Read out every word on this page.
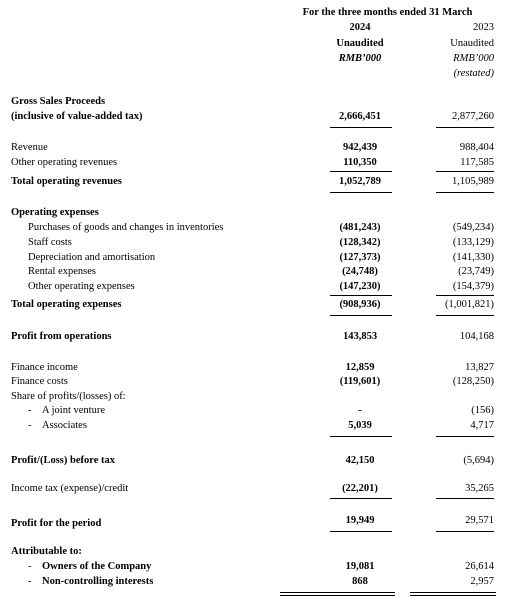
For the three months ended 31 March
2024	2023
Unaudited	Unaudited
RMB’000	RMB’000
(restated)
Gross Sales Proceeds
(inclusive of value-added tax)	2,666,451	2,877,260
Revenue	942,439	988,404
Other operating revenues	110,350	117,585
Total operating revenues	1,052,789	1,105,989
Operating expenses
Purchases of goods and changes in inventories	(481,243)	(549,234)
Staff costs	(128,342)	(133,129)
Depreciation and amortisation	(127,373)	(141,330)
Rental expenses	(24,748)	(23,749)
Other operating expenses	(147,230)	(154,379)
Total operating expenses	(908,936)	(1,001,821)
Profit from operations	143,853	104,168
Finance income	12,859	13,827
Finance costs	(119,601)	(128,250)
Share of profits/(losses) of:
- A joint venture	-	(156)
- Associates	5,039	4,717
Profit/(Loss) before tax	42,150	(5,694)
Income tax (expense)/credit	(22,201)	35,265
Profit for the period	19,949	29,571
Attributable to:
- Owners of the Company	19,081	26,614
- Non-controlling interests	868	2,957
